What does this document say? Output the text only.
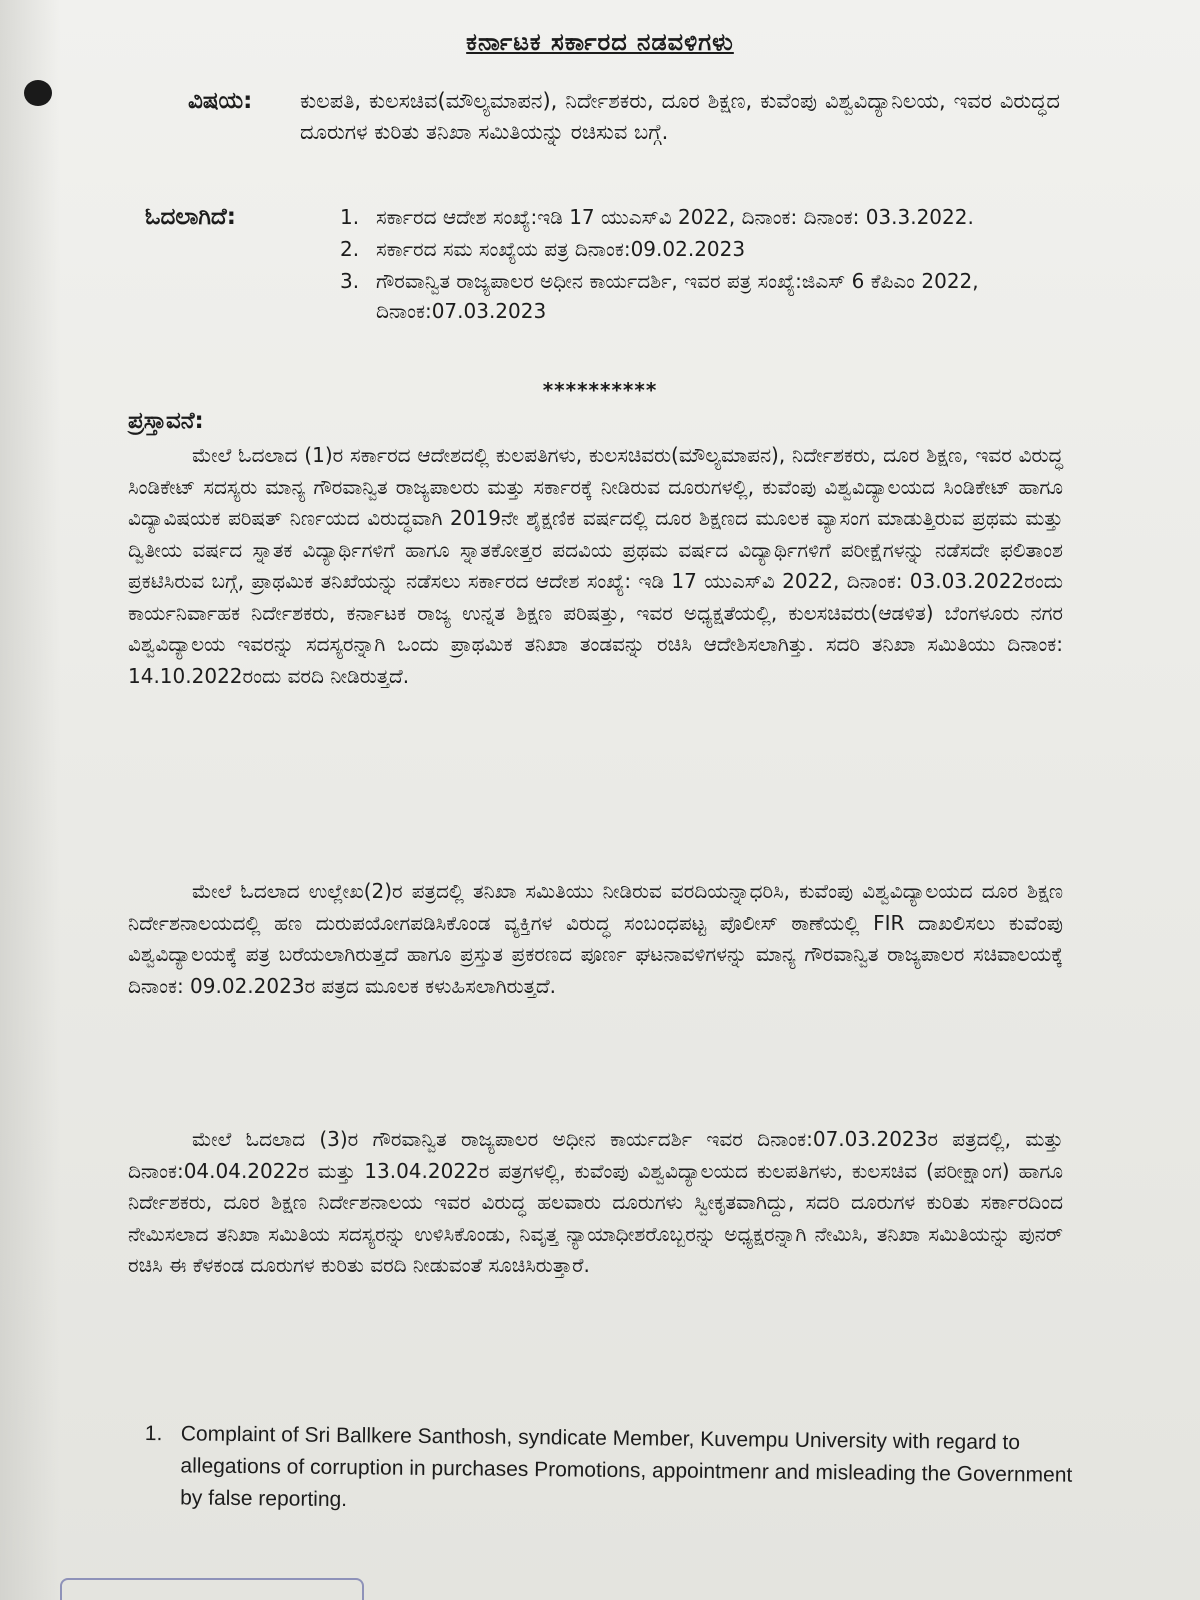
ಕರ್ನಾಟಕ ಸರ್ಕಾರದ ನಡವಳಿಗಳು
ವಿಷಯ: ಕುಲಪತಿ, ಕುಲಸಚಿವ(ಮೌಲ್ಯಮಾಪನ), ನಿರ್ದೇಶಕರು, ದೂರ ಶಿಕ್ಷಣ, ಕುವೆಂಪು ವಿಶ್ವವಿದ್ಯಾನಿಲಯ, ಇವರ ವಿರುದ್ಧದ ದೂರುಗಳ ಕುರಿತು ತನಿಖಾ ಸಮಿತಿಯನ್ನು ರಚಿಸುವ ಬಗ್ಗೆ.
ಓದಲಾಗಿದೆ:	1. ಸರ್ಕಾರದ ಆದೇಶ ಸಂಖ್ಯೆ:ಇಡಿ 17 ಯುಎಸ್‌ವಿ 2022, ದಿನಾಂಕ: ದಿನಾಂಕ: 03.3.2022.
2. ಸರ್ಕಾರದ ಸಮ ಸಂಖ್ಯೆಯ ಪತ್ರ ದಿನಾಂಕ:09.02.2023
3. ಗೌರವಾನ್ವಿತ ರಾಜ್ಯಪಾಲರ ಅಧೀನ ಕಾರ್ಯದರ್ಶಿ, ಇವರ ಪತ್ರ ಸಂಖ್ಯೆ:ಜಿಎಸ್ 6 ಕೆಪಿಎಂ 2022, ದಿನಾಂಕ:07.03.2023
**********
ಪ್ರಸ್ತಾವನೆ:

ಮೇಲೆ ಓದಲಾದ (1)ರ ಸರ್ಕಾರದ ಆದೇಶದಲ್ಲಿ ಕುಲಪತಿಗಳು, ಕುಲಸಚಿವರು(ಮೌಲ್ಯಮಾಪನ), ನಿರ್ದೇಶಕರು, ದೂರ ಶಿಕ್ಷಣ, ಇವರ ವಿರುದ್ಧ ಸಿಂಡಿಕೇಟ್ ಸದಸ್ಯರು ಮಾನ್ಯ ಗೌರವಾನ್ವಿತ ರಾಜ್ಯಪಾಲರು ಮತ್ತು ಸರ್ಕಾರಕ್ಕೆ ನೀಡಿರುವ ದೂರುಗಳಲ್ಲಿ, ಕುವೆಂಪು ವಿಶ್ವವಿದ್ಯಾಲಯದ ಸಿಂಡಿಕೇಟ್ ಹಾಗೂ ವಿದ್ಯಾವಿಷಯಕ ಪರಿಷತ್ ನಿರ್ಣಯದ ವಿರುದ್ಧವಾಗಿ 2019ನೇ ಶೈಕ್ಷಣಿಕ ವರ್ಷದಲ್ಲಿ ದೂರ ಶಿಕ್ಷಣದ ಮೂಲಕ ವ್ಯಾಸಂಗ ಮಾಡುತ್ತಿರುವ ಪ್ರಥಮ ಮತ್ತು ದ್ವಿತೀಯ ವರ್ಷದ ಸ್ನಾತಕ ವಿದ್ಯಾರ್ಥಿಗಳಿಗೆ ಹಾಗೂ ಸ್ನಾತಕೋತ್ತರ ಪದವಿಯ ಪ್ರಥಮ ವರ್ಷದ ವಿದ್ಯಾರ್ಥಿಗಳಿಗೆ ಪರೀಕ್ಷೆಗಳನ್ನು ನಡೆಸದೇ ಫಲಿತಾಂಶ ಪ್ರಕಟಿಸಿರುವ ಬಗ್ಗೆ, ಪ್ರಾಥಮಿಕ ತನಿಖೆಯನ್ನು ನಡೆಸಲು ಸರ್ಕಾರದ ಆದೇಶ ಸಂಖ್ಯೆ: ಇಡಿ 17 ಯುಎಸ್‌ವಿ 2022, ದಿನಾಂಕ: 03.03.2022ರಂದು ಕಾರ್ಯನಿರ್ವಾಹಕ ನಿರ್ದೇಶಕರು, ಕರ್ನಾಟಕ ರಾಜ್ಯ ಉನ್ನತ ಶಿಕ್ಷಣ ಪರಿಷತ್ತು, ಇವರ ಅಧ್ಯಕ್ಷತೆಯಲ್ಲಿ, ಕುಲಸಚಿವರು(ಆಡಳಿತ) ಬೆಂಗಳೂರು ನಗರ ವಿಶ್ವವಿದ್ಯಾಲಯ ಇವರನ್ನು ಸದಸ್ಯರನ್ನಾಗಿ ಒಂದು ಪ್ರಾಥಮಿಕ ತನಿಖಾ ತಂಡವನ್ನು ರಚಿಸಿ ಆದೇಶಿಸಲಾಗಿತ್ತು. ಸದರಿ ತನಿಖಾ ಸಮಿತಿಯು ದಿನಾಂಕ: 14.10.2022ರಂದು ವರದಿ ನೀಡಿರುತ್ತದೆ.

ಮೇಲೆ ಓದಲಾದ ಉಲ್ಲೇಖ(2)ರ ಪತ್ರದಲ್ಲಿ ತನಿಖಾ ಸಮಿತಿಯು ನೀಡಿರುವ ವರದಿಯನ್ನಾಧರಿಸಿ, ಕುವೆಂಪು ವಿಶ್ವವಿದ್ಯಾಲಯದ ದೂರ ಶಿಕ್ಷಣ ನಿರ್ದೇಶನಾಲಯದಲ್ಲಿ ಹಣ ದುರುಪಯೋಗಪಡಿಸಿಕೊಂಡ ವ್ಯಕ್ತಿಗಳ ವಿರುದ್ಧ ಸಂಬಂಧಪಟ್ಟ ಪೊಲೀಸ್ ಠಾಣೆಯಲ್ಲಿ FIR ದಾಖಲಿಸಲು ಕುವೆಂಪು ವಿಶ್ವವಿದ್ಯಾಲಯಕ್ಕೆ ಪತ್ರ ಬರೆಯಲಾಗಿರುತ್ತದೆ ಹಾಗೂ ಪ್ರಸ್ತುತ ಪ್ರಕರಣದ ಪೂರ್ಣ ಘಟನಾವಳಿಗಳನ್ನು ಮಾನ್ಯ ಗೌರವಾನ್ವಿತ ರಾಜ್ಯಪಾಲರ ಸಚಿವಾಲಯಕ್ಕೆ ದಿನಾಂಕ: 09.02.2023ರ ಪತ್ರದ ಮೂಲಕ ಕಳುಹಿಸಲಾಗಿರುತ್ತದೆ.

ಮೇಲೆ ಓದಲಾದ (3)ರ ಗೌರವಾನ್ವಿತ ರಾಜ್ಯಪಾಲರ ಅಧೀನ ಕಾರ್ಯದರ್ಶಿ ಇವರ ದಿನಾಂಕ:07.03.2023ರ ಪತ್ರದಲ್ಲಿ, ಮತ್ತು ದಿನಾಂಕ:04.04.2022ರ ಮತ್ತು 13.04.2022ರ ಪತ್ರಗಳಲ್ಲಿ, ಕುವೆಂಪು ವಿಶ್ವವಿದ್ಯಾಲಯದ ಕುಲಪತಿಗಳು, ಕುಲಸಚಿವ (ಪರೀಕ್ಷಾಂಗ) ಹಾಗೂ ನಿರ್ದೇಶಕರು, ದೂರ ಶಿಕ್ಷಣ ನಿರ್ದೇಶನಾಲಯ ಇವರ ವಿರುದ್ಧ ಹಲವಾರು ದೂರುಗಳು ಸ್ವೀಕೃತವಾಗಿದ್ದು, ಸದರಿ ದೂರುಗಳ ಕುರಿತು ಸರ್ಕಾರದಿಂದ ನೇಮಿಸಲಾದ ತನಿಖಾ ಸಮಿತಿಯ ಸದಸ್ಯರನ್ನು ಉಳಿಸಿಕೊಂಡು, ನಿವೃತ್ತ ನ್ಯಾಯಾಧೀಶರೊಬ್ಬರನ್ನು ಅಧ್ಯಕ್ಷರನ್ನಾಗಿ ನೇಮಿಸಿ, ತನಿಖಾ ಸಮಿತಿಯನ್ನು ಪುನರ್ ರಚಿಸಿ ಈ ಕೆಳಕಂಡ ದೂರುಗಳ ಕುರಿತು ವರದಿ ನೀಡುವಂತೆ ಸೂಚಿಸಿರುತ್ತಾರೆ.

1. Complaint of Sri Ballkere Santhosh, syndicate Member, Kuvempu University with regard to allegations of corruption in purchases Promotions, appointmenr and misleading the Government by false reporting.
